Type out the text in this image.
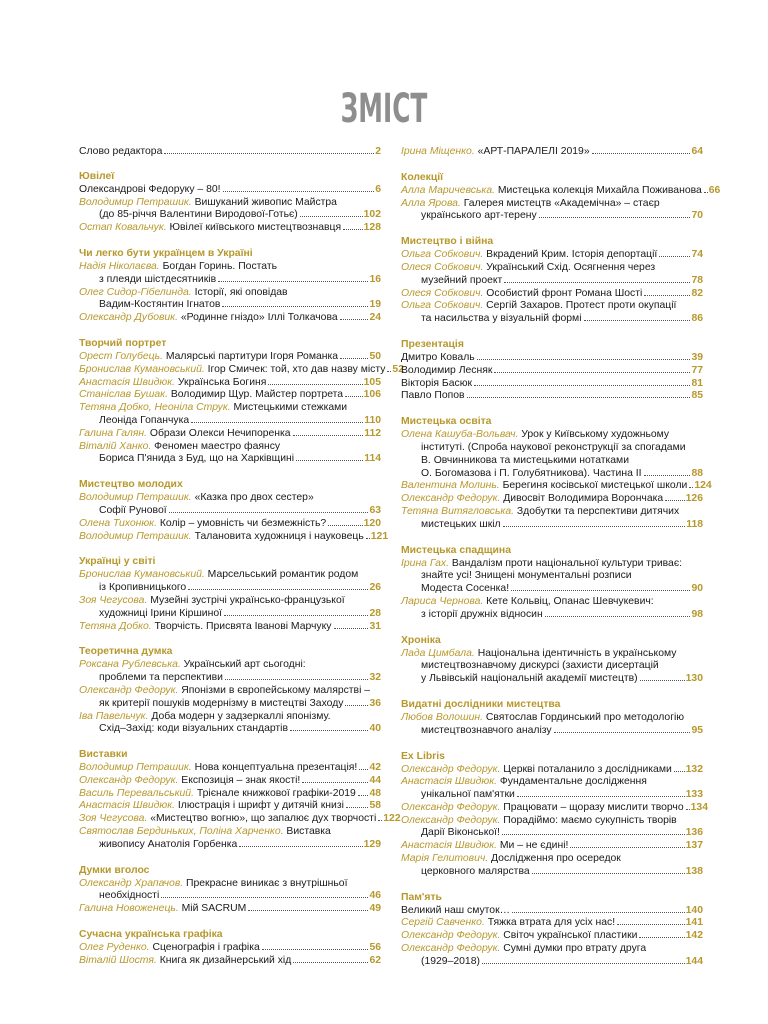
ЗМІСТ
Слово редактора	2
Ювілеї
Олександрові Федоруку – 80!	6
Володимир Петрашик. Вишуканий живопис Майстра
(до 85-річчя Валентини Виродової-Готьє)	102
Остап Ковальчук. Ювілеї київського мистецтвознавця 128
Чи легко бути українцем в Україні
Надія Ніколаєва. Богдан Горинь. Постать
з плеяди шістдесятників	16
Олег Сидор-Гібелинда. Історії, які оповідав
Вадим-Костянтин Ігнатов	19
Олександр Дубовик. «Родинне гніздо» Іллі Толкачова	24
Творчий портрет
Орест Голубець. Малярські партитури Ігоря Романка	50
Бронислав Кумановський. Ігор Смичек: той, хто дав назву місту 52
Анастасія Швидюк. Українська Богиня	105
Станіслав Бушак. Володимир Щур. Майстер портрета 106
Тетяна Добко, Неоніла Струк. Мистецькими стежками
Леоніда Гопанчука	110
Галина Галян. Образи Олекси Нечипоренка	112
Віталій Ханко. Феномен маестро фаянсу
Бориса П'янида з Буд, що на Харківщині	114
Мистецтво молодих
Володимир Петрашик. «Казка про двох сестер»
Софії Рунової	63
Олена Тихонюк. Колір – умовність чи безмежність?	120
Володимир Петрашик. Талановита художниця і науковець 121
Українці у світі
Бронислав Кумановський. Марсельський романтик родом
із Кропивницького	26
Зоя Чегусова. Музейні зустрічі українсько-французької
художниці Ірини Кіршиної	28
Тетяна Добко. Творчість. Присвята Івановi Марчуку	31
Теоретична думка
Роксана Рублевська. Український арт сьогодні:
проблеми та перспективи	32
Олександр Федорук. Японізми в європейському малярстві –
як критерії пошуків модернізму в мистецтві Заходу 36
Іва Павельчук. Доба модерн у задзеркаллі японізму.
Схід–Захід: коди візуальних стандартів	40
Виставки
Володимир Петрашик. Нова концептуальна презентація! 42
Олександр Федорук. Експозиція – знак якості!	44
Василь Перевальський. Трієнале книжкової графіки-2019 48
Анастасія Швидюк. Ілюстрація і шрифт у дитячій книзі 58
Зоя Чегусова. «Мистецтво вогню», що запалює дух творчості 122
Святослав Бердиньких, Поліна Харченко. Виставка
живопису Анатолія Горбенка	129
Думки вголос
Олександр Храпачов. Прекрасне виникає з внутрішньої
необхідності	46
Галина Новоженець. Мій SACRUM	49
Сучасна українська графіка
Олег Руденко. Сценографія і графіка	56
Віталій Шостя. Книга як дизайнерський хід	62
Ірина Міщенко. «АРТ-ПАРАЛЕЛІ 2019»	64
Колекції
Алла Маричевська. Мистецька колекція Михайла Поживанова 66
Алла Ярова. Галерея мистецтв «Академічна» – стаєр
українського арт-терену	70
Мистецтво і війна
Ольга Собкович. Вкрадений Крим. Історія депортації	74
Олеся Собкович. Український Схід. Осягнення через
музейний проект	78
Олеся Собкович. Особистий фронт Романа Шості	82
Ольга Собкович. Сергій Захаров. Протест проти окупації
та насильства у візуальній формі	86
Презентація
Дмитро Коваль	39
Володимир Лесняк	77
Вікторія Басюк	81
Павло Попов	85
Мистецька освіта
Олена Кашуба-Вольвач. Урок у Київському художньому
інституті. (Спроба наукової реконструкції за спогадами
В. Овчинникова та мистецькими нотатками
О. Богомазова і П. Голубятникова). Частина II	88
Валентина Молинь. Берегиня косівської мистецької школи 124
Олександр Федорук. Дивосвіт Володимира Ворончака 126
Тетяна Витягловська. Здобутки та перспективи дитячих
мистецьких шкіл	118
Мистецька спадщина
Ірина Гах. Вандалізм проти національної культури триває:
знайте усі! Знищені монументальні розписи
Модеста Сосенка!	90
Лариса Чернова. Кете Кольвіц, Опанас Шевчукевич:
з історії дружніх відносин	98
Хроніка
Лада Цимбала. Національна ідентичність в українському
мистецтвознавчому дискурсі (захисти дисертацій
у Львівській національній академії мистецтв)	130
Видатні дослідники мистецтва
Любов Волошин. Святослав Гординський про методологію
мистецтвознавчого аналізу	95
Ex Libris
Олександр Федорук. Церкві поталанило з дослідниками 132
Анастасія Швидюк. Фундаментальне дослідження
унікальної пам'ятки	133
Олександр Федорук. Працювати – щоразу мислити творчо 134
Олександр Федорук. Порадіймо: маємо сукупність творів
Дарії Віконської!	136
Анастасія Швидюк. Ми – не єдині!	137
Марія Гелитович. Дослідження про осередок
церковного малярства	138
Пам'ять
Великий наш смуток…	140
Сергій Савченко. Тяжка втрата для усіх нас!	141
Олександр Федорук. Світоч української пластики	142
Олександр Федорук. Сумні думки про втрату друга
(1929–2018)	144
